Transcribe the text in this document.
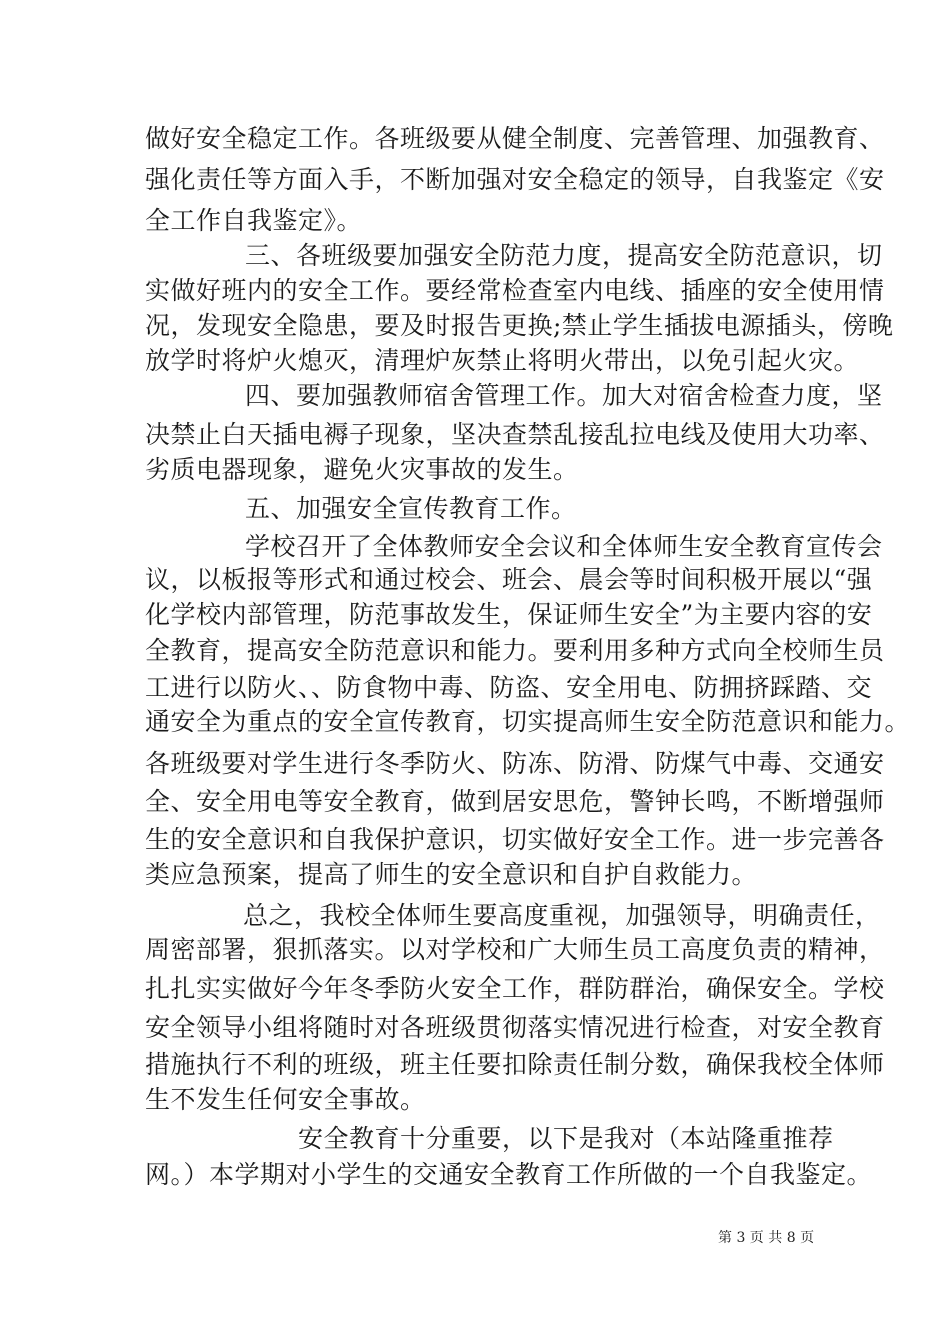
做好安全稳定工作。各班级要从健全制度、完善管理、加强教育、
强化责任等方面入手，不断加强对安全稳定的领导，自我鉴定《安
全工作自我鉴定》。
三、各班级要加强安全防范力度，提高安全防范意识，切
实做好班内的安全工作。要经常检查室内电线、插座的安全使用情
况，发现安全隐患，要及时报告更换;禁止学生插拔电源插头，傍晚
放学时将炉火熄灭，清理炉灰禁止将明火带出，以免引起火灾。
四、要加强教师宿舍管理工作。加大对宿舍检查力度，坚
决禁止白天插电褥子现象，坚决查禁乱接乱拉电线及使用大功率、
劣质电器现象，避免火灾事故的发生。
五、加强安全宣传教育工作。
学校召开了全体教师安全会议和全体师生安全教育宣传会
议，以板报等形式和通过校会、班会、晨会等时间积极开展以“强
化学校内部管理，防范事故发生，保证师生安全”为主要内容的安
全教育，提高安全防范意识和能力。要利用多种方式向全校师生员
工进行以防火、、防食物中毒、防盗、安全用电、防拥挤踩踏、交
通安全为重点的安全宣传教育，切实提高师生安全防范意识和能力。
各班级要对学生进行冬季防火、防冻、防滑、防煤气中毒、交通安
全、安全用电等安全教育，做到居安思危，警钟长鸣，不断增强师
生的安全意识和自我保护意识，切实做好安全工作。进一步完善各
类应急预案，提高了师生的安全意识和自护自救能力。
总之，我校全体师生要高度重视，加强领导，明确责任，
周密部署，狠抓落实。以对学校和广大师生员工高度负责的精神，
扎扎实实做好今年冬季防火安全工作，群防群治，确保安全。学校
安全领导小组将随时对各班级贯彻落实情况进行检查，对安全教育
措施执行不利的班级，班主任要扣除责任制分数，确保我校全体师
生不发生任何安全事故。
安全教育十分重要，以下是我对（本站隆重推荐
网。）本学期对小学生的交通安全教育工作所做的一个自我鉴定。
第 3 页 共 8 页
